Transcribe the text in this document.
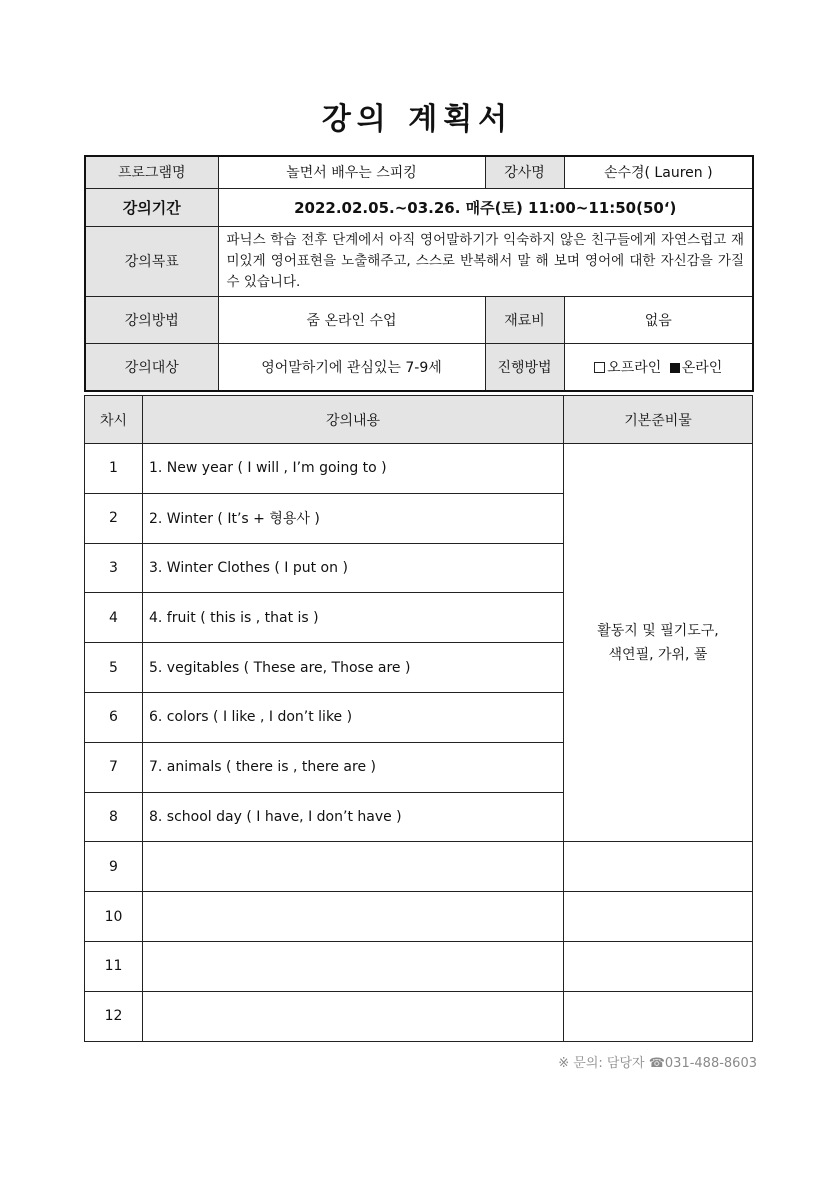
강의 계획서
프로그램명	놀면서 배우는 스피킹	강사명	손수경( Lauren )
강의기간	2022.02.05.~03.26. 매주(토) 11:00~11:50(50‘)		
강의목표	파닉스 학습 전후 단계에서 아직 영어말하기가 익숙하지 않은 친구들에게 자연스럽고 재미있게 영어표현을 노출해주고, 스스로 반복해서 말 해 보며 영어에 대한 자신감을 가질 수 있습니다.		
강의방법	줌 온라인 수업	재료비	없음
강의대상	영어말하기에 관심있는 7-9세	진행방법	오프라인 온라인
차시	강의내용	기본준비물
1	1. New year ( I will , I’m going to )	활동지 및 필기도구,
색연필, 가위, 풀
2	2. Winter ( It’s + 형용사 )	
3	3. Winter Clothes ( I put on )	
4	4. fruit ( this is , that is )	
5	5. vegitables ( These are, Those are )	
6	6. colors ( I like , I don’t like )	
7	7. animals ( there is , there are )	
8	8. school day ( I have, I don’t have )	
9		
10		
11		
12		
※ 문의: 담당자 ☎031-488-8603
